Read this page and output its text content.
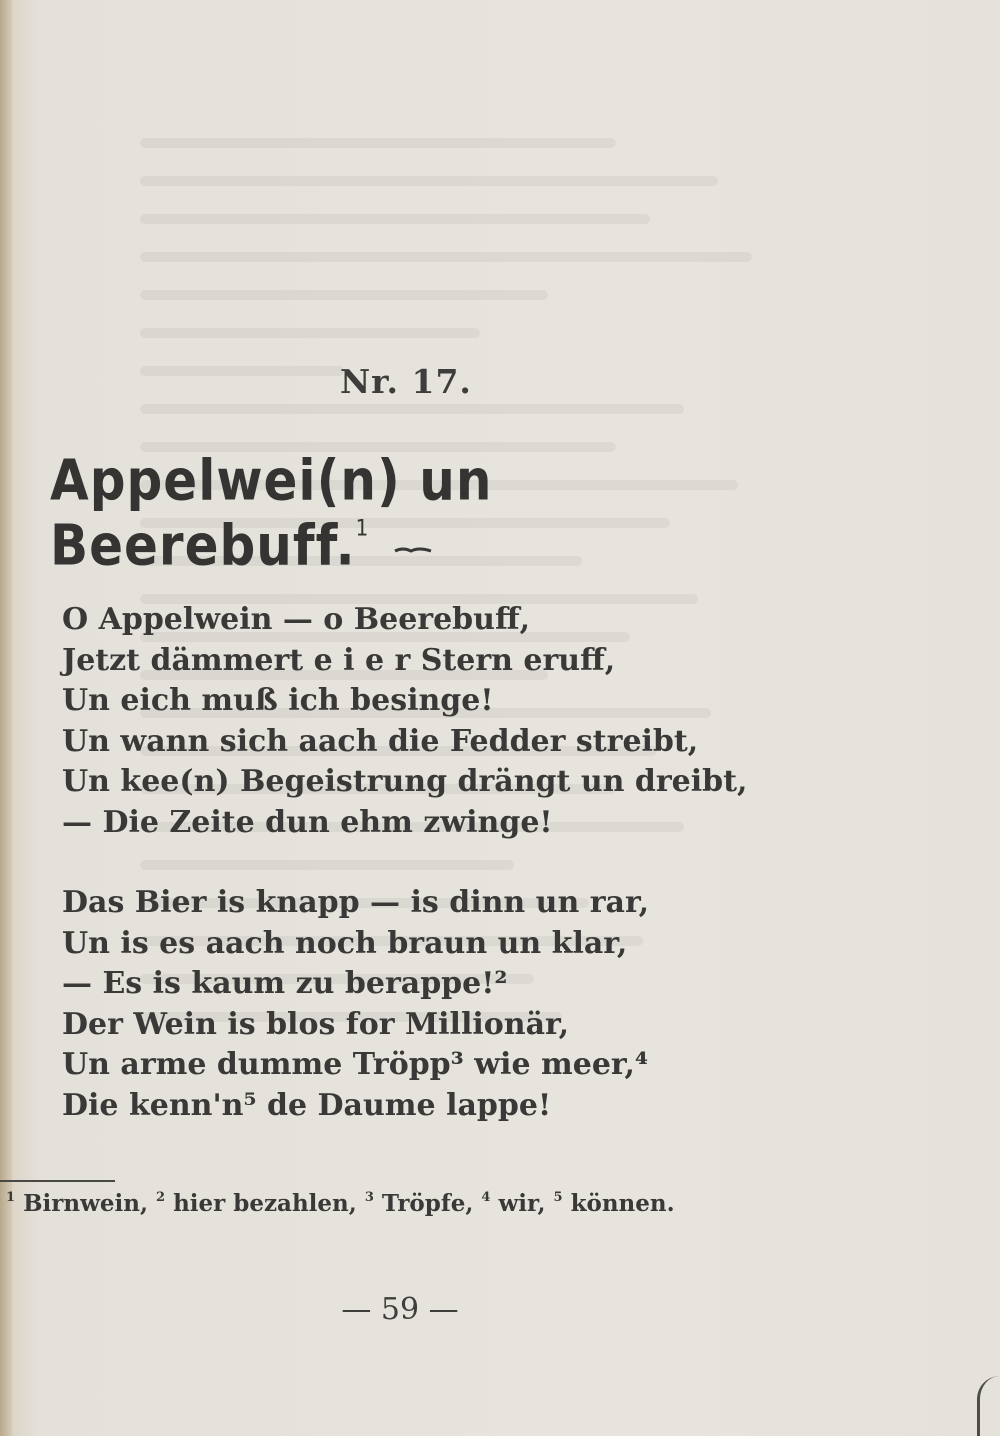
Nr. 17.
Appelwei(n) un Beerebuff.$^1$
O Appelwein — o Beerebuff,
Jetzt dämmert e i e r Stern eruff,
Un eich muß ich besinge!
Un wann sich aach die Fedder streibt,
Un kee(n) Begeistrung drängt un dreibt,
— Die Zeite dun ehm zwinge!
Das Bier is knapp — is dinn un rar,
Un is es aach noch braun un klar,
— Es is kaum zu berappe!²
Der Wein is blos for Millionär,
Un arme dumme Tröpp³ wie meer,⁴
Die kenn'n⁵ de Daume lappe!
$^1$ Birnwein, $^2$ hier bezahlen, $^3$ Tröpfe, $^4$ wir, $^5$ können.
— 59 —
